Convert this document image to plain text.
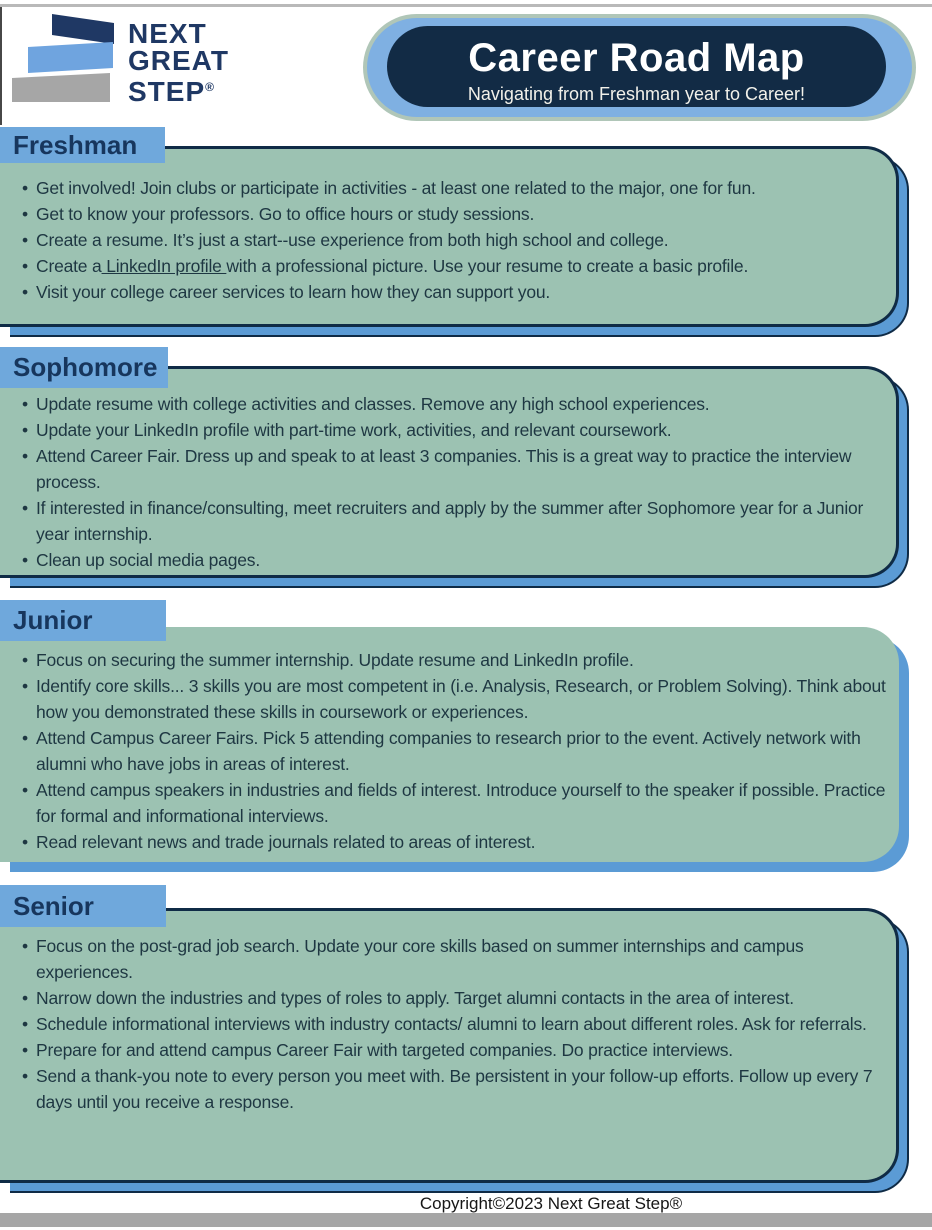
NEXT
GREAT
STEP®
Career Road Map
Navigating from Freshman year to Career!
Freshman
• Get involved! Join clubs or participate in activities - at least one related to the major, one for fun.
• Get to know your professors. Go to office hours or study sessions.
• Create a resume. It’s just a start--use experience from both high school and college.
• Create a LinkedIn profile with a professional picture. Use your resume to create a basic profile.
• Visit your college career services to learn how they can support you.
Sophomore
• Update resume with college activities and classes. Remove any high school experiences.
• Update your LinkedIn profile with part-time work, activities, and relevant coursework.
• Attend Career Fair. Dress up and speak to at least 3 companies. This is a great way to practice the interview process.
• If interested in finance/consulting, meet recruiters and apply by the summer after Sophomore year for a Junior year internship.
• Clean up social media pages.
Junior
• Focus on securing the summer internship. Update resume and LinkedIn profile.
• Identify core skills... 3 skills you are most competent in (i.e. Analysis, Research, or Problem Solving). Think about how you demonstrated these skills in coursework or experiences.
• Attend Campus Career Fairs. Pick 5 attending companies to research prior to the event. Actively network with alumni who have jobs in areas of interest.
• Attend campus speakers in industries and fields of interest. Introduce yourself to the speaker if possible. Practice for formal and informational interviews.
• Read relevant news and trade journals related to areas of interest.
Senior
• Focus on the post-grad job search. Update your core skills based on summer internships and campus experiences.
• Narrow down the industries and types of roles to apply. Target alumni contacts in the area of interest.
• Schedule informational interviews with industry contacts/ alumni to learn about different roles. Ask for referrals.
• Prepare for and attend campus Career Fair with targeted companies. Do practice interviews.
• Send a thank-you note to every person you meet with. Be persistent in your follow-up efforts. Follow up every 7 days until you receive a response.
Copyright©2023 Next Great Step®
